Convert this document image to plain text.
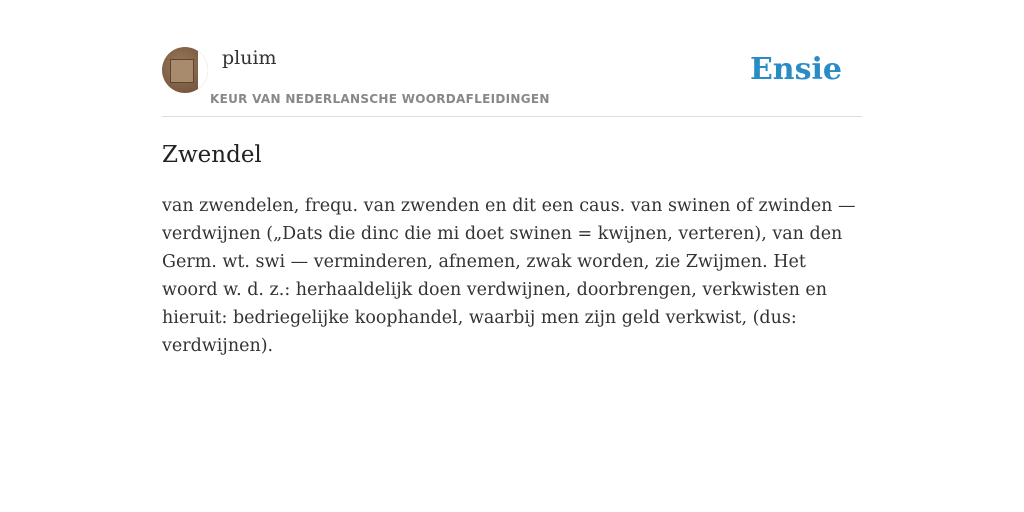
pluim

KEUR VAN NEDERLANSCHE WOORDAFLEIDINGEN

Ensie

Zwendel

van zwendelen, frequ. van zwenden en dit een caus. van swinen of zwinden — verdwijnen („Dats die dinc die mi doet swinen = kwijnen, verteren), van den Germ. wt. swi — verminderen, afnemen, zwak worden, zie Zwijmen. Het woord w. d. z.: herhaaldelijk doen verdwijnen, doorbrengen, verkwisten en hieruit: bedriegelijke koophandel, waarbij men zijn geld verkwist, (dus: verdwijnen).
